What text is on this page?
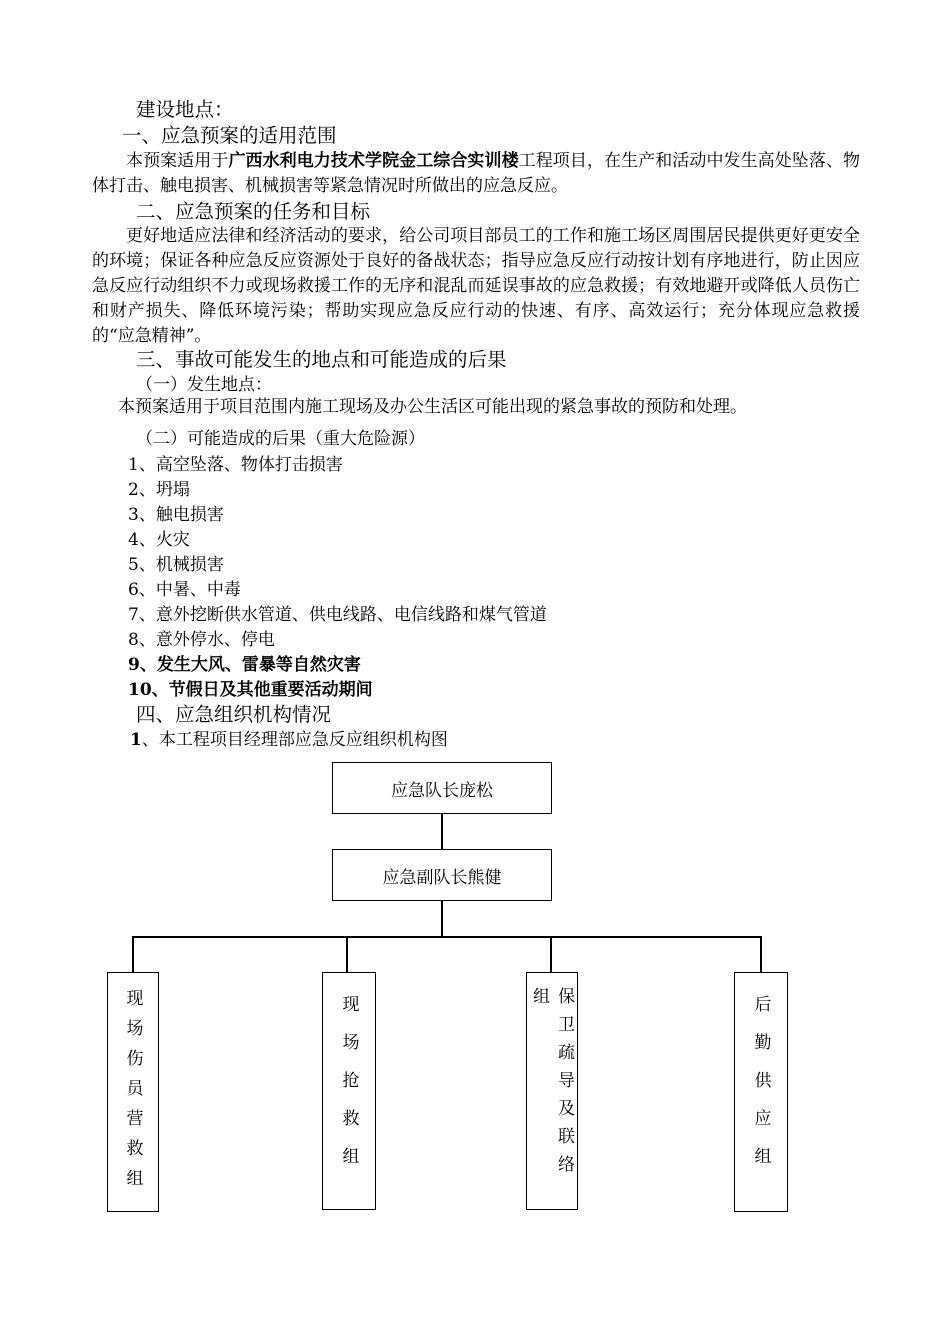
建设地点：
一、应急预案的适用范围
本预案适用于广西水利电力技术学院金工综合实训楼工程项目，在生产和活动中发生高处坠落、物体打击、触电损害、机械损害等紧急情况时所做出的应急反应。
二、应急预案的任务和目标
更好地适应法律和经济活动的要求，给公司项目部员工的工作和施工场区周围居民提供更好更安全的环境；保证各种应急反应资源处于良好的备战状态；指导应急反应行动按计划有序地进行，防止因应急反应行动组织不力或现场救援工作的无序和混乱而延误事故的应急救援；有效地避开或降低人员伤亡和财产损失、降低环境污染；帮助实现应急反应行动的快速、有序、高效运行；充分体现应急救援的“应急精神”。
三、事故可能发生的地点和可能造成的后果
（一）发生地点：
本预案适用于项目范围内施工现场及办公生活区可能出现的紧急事故的预防和处理。
（二）可能造成的后果（重大危险源）
1、高空坠落、物体打击损害
2、坍塌
3、触电损害
4、火灾
5、机械损害
6、中暑、中毒
7、意外挖断供水管道、供电线路、电信线路和煤气管道
8、意外停水、停电
9、发生大风、雷暴等自然灾害
10、节假日及其他重要活动期间
四、应急组织机构情况
1、本工程项目经理部应急反应组织机构图
应急队长庞松
应急副队长熊健
现场伤员营救组	现场抢救组	保卫疏导及联络组	后勤供应组
